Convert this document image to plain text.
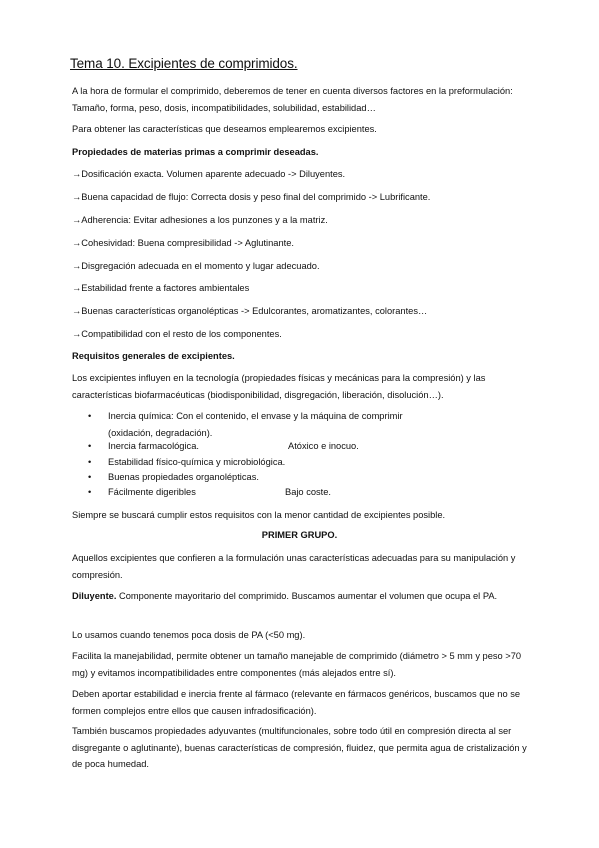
Tema 10. Excipientes de comprimidos.

A la hora de formular el comprimido, deberemos de tener en cuenta diversos factores en la preformulación: Tamaño, forma, peso, dosis, incompatibilidades, solubilidad, estabilidad…

Para obtener las características que deseamos emplearemos excipientes.

Propiedades de materias primas a comprimir deseadas.

→Dosificación exacta. Volumen aparente adecuado -> Diluyentes.

→Buena capacidad de flujo: Correcta dosis y peso final del comprimido -> Lubrificante.

→Adherencia: Evitar adhesiones a los punzones y a la matriz.

→Cohesividad: Buena compresibilidad -> Aglutinante.

→Disgregación adecuada en el momento y lugar adecuado.

→Estabilidad frente a factores ambientales

→Buenas características organolépticas -> Edulcorantes, aromatizantes, colorantes…

→Compatibilidad con el resto de los componentes.

Requisitos generales de excipientes.

Los excipientes influyen en la tecnología (propiedades físicas y mecánicas para la compresión) y las características biofarmacéuticas (biodisponibilidad, disgregación, liberación, disolución…).

• Inercia química: Con el contenido, el envase y la máquina de comprimir (oxidación, degradación).
• Inercia farmacológica.	Atóxico e inocuo.
• Estabilidad físico-química y microbiológica.
• Buenas propiedades organolépticas.
• Fácilmente digeribles	Bajo coste.

Siempre se buscará cumplir estos requisitos con la menor cantidad de excipientes posible.

PRIMER GRUPO.

Aquellos excipientes que confieren a la formulación unas características adecuadas para su manipulación y compresión.

Diluyente. Componente mayoritario del comprimido. Buscamos aumentar el volumen que ocupa el PA.

Lo usamos cuando tenemos poca dosis de PA (<50 mg).

Facilita la manejabilidad, permite obtener un tamaño manejable de comprimido (diámetro > 5 mm y peso >70 mg) y evitamos incompatibilidades entre componentes (más alejados entre sí).

Deben aportar estabilidad e inercia frente al fármaco (relevante en fármacos genéricos, buscamos que no se formen complejos entre ellos que causen infradosificación).

También buscamos propiedades adyuvantes (multifuncionales, sobre todo útil en compresión directa al ser disgregante o aglutinante), buenas características de compresión, fluidez, que permita agua de cristalización y de poca humedad.
